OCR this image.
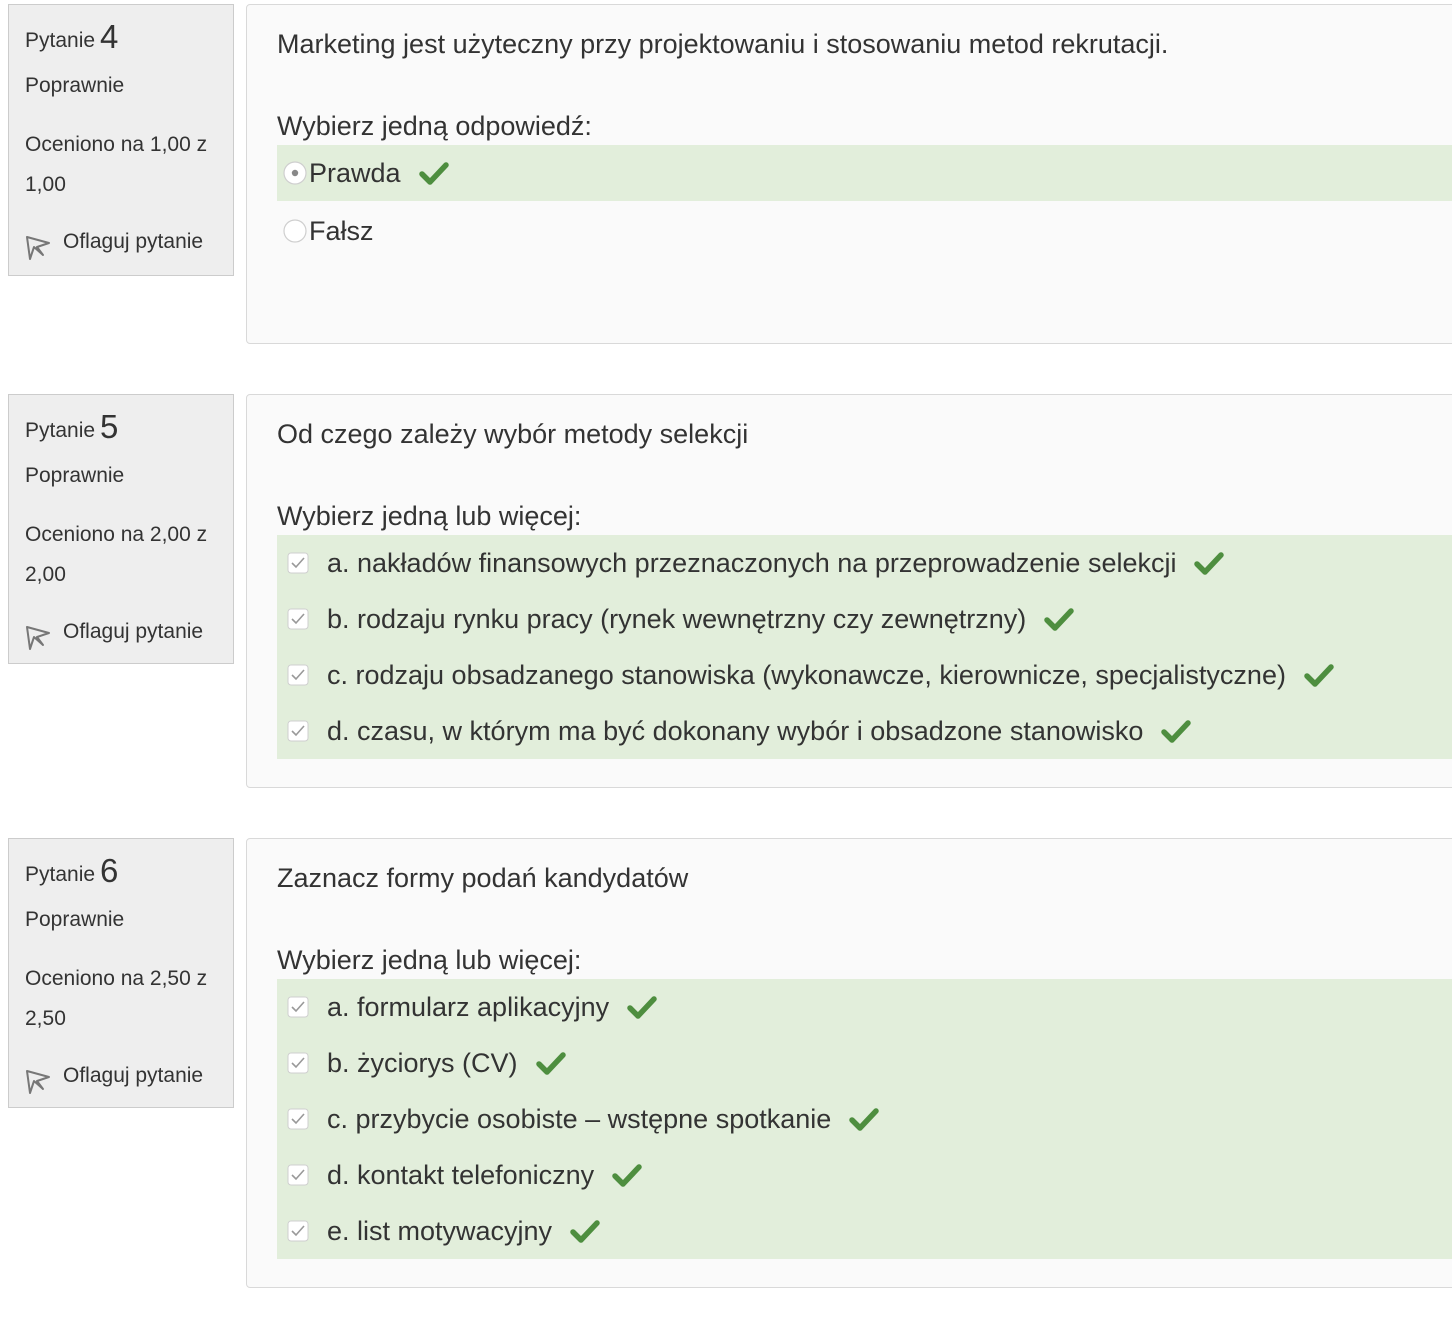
Pytanie 4
Poprawnie
Oceniono na 1,00 z 1,00
Oflaguj pytanie
Marketing jest użyteczny przy projektowaniu i stosowaniu metod rekrutacji.
Wybierz jedną odpowiedź:
Prawda
Fałsz
Pytanie 5
Poprawnie
Oceniono na 2,00 z 2,00
Oflaguj pytanie
Od czego zależy wybór metody selekcji
Wybierz jedną lub więcej:
a. nakładów finansowych przeznaczonych na przeprowadzenie selekcji
b. rodzaju rynku pracy (rynek wewnętrzny czy zewnętrzny)
c. rodzaju obsadzanego stanowiska (wykonawcze, kierownicze, specjalistyczne)
d. czasu, w którym ma być dokonany wybór i obsadzone stanowisko
Pytanie 6
Poprawnie
Oceniono na 2,50 z 2,50
Oflaguj pytanie
Zaznacz formy podań kandydatów
Wybierz jedną lub więcej:
a. formularz aplikacyjny
b. życiorys (CV)
c. przybycie osobiste – wstępne spotkanie
d. kontakt telefoniczny
e. list motywacyjny
